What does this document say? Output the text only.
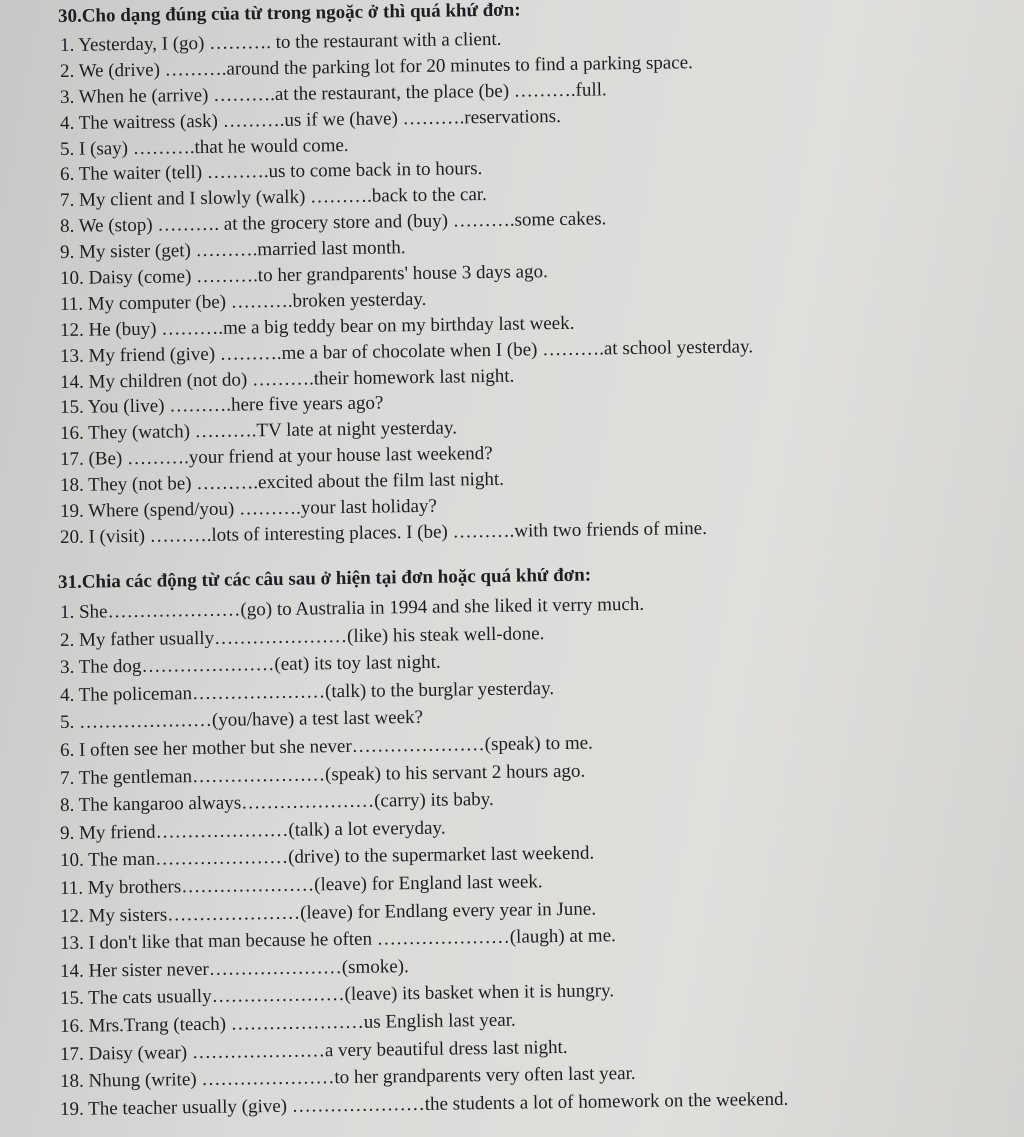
30.Cho dạng đúng của từ trong ngoặc ở thì quá khứ đơn:
1. Yesterday, I (go) ………. to the restaurant with a client.
2. We (drive) ……….around the parking lot for 20 minutes to find a parking space.
3. When he (arrive) ……….at the restaurant, the place (be) ……….full.
4. The waitress (ask) ……….us if we (have) ……….reservations.
5. I (say) ……….that he would come.
6. The waiter (tell) ……….us to come back in to hours.
7. My client and I slowly (walk) ……….back to the car.
8. We (stop) ………. at the grocery store and (buy) ……….some cakes.
9. My sister (get) ……….married last month.
10. Daisy (come) ……….to her grandparents' house 3 days ago.
11. My computer (be) ……….broken yesterday.
12. He (buy) ……….me a big teddy bear on my birthday last week.
13. My friend (give) ……….me a bar of chocolate when I (be) ……….at school yesterday.
14. My children (not do) ……….their homework last night.
15. You (live) ……….here five years ago?
16. They (watch) ……….TV late at night yesterday.
17. (Be) ……….your friend at your house last weekend?
18. They (not be) ……….excited about the film last night.
19. Where (spend/you) ……….your last holiday?
20. I (visit) ……….lots of interesting places. I (be) ……….with two friends of mine.
31.Chia các động từ các câu sau ở hiện tại đơn hoặc quá khứ đơn:
1. She…………………(go) to Australia in 1994 and she liked it verry much.
2. My father usually…………………(like) his steak well-done.
3. The dog…………………(eat) its toy last night.
4. The policeman…………………(talk) to the burglar yesterday.
5. …………………(you/have) a test last week?
6. I often see her mother but she never…………………(speak) to me.
7. The gentleman…………………(speak) to his servant 2 hours ago.
8. The kangaroo always…………………(carry) its baby.
9. My friend…………………(talk) a lot everyday.
10. The man…………………(drive) to the supermarket last weekend.
11. My brothers…………………(leave) for England last week.
12. My sisters…………………(leave) for Endlang every year in June.
13. I don't like that man because he often …………………(laugh) at me.
14. Her sister never…………………(smoke).
15. The cats usually…………………(leave) its basket when it is hungry.
16. Mrs.Trang (teach) …………………us English last year.
17. Daisy (wear) …………………a very beautiful dress last night.
18. Nhung (write) …………………to her grandparents very often last year.
19. The teacher usually (give) …………………the students a lot of homework on the weekend.
